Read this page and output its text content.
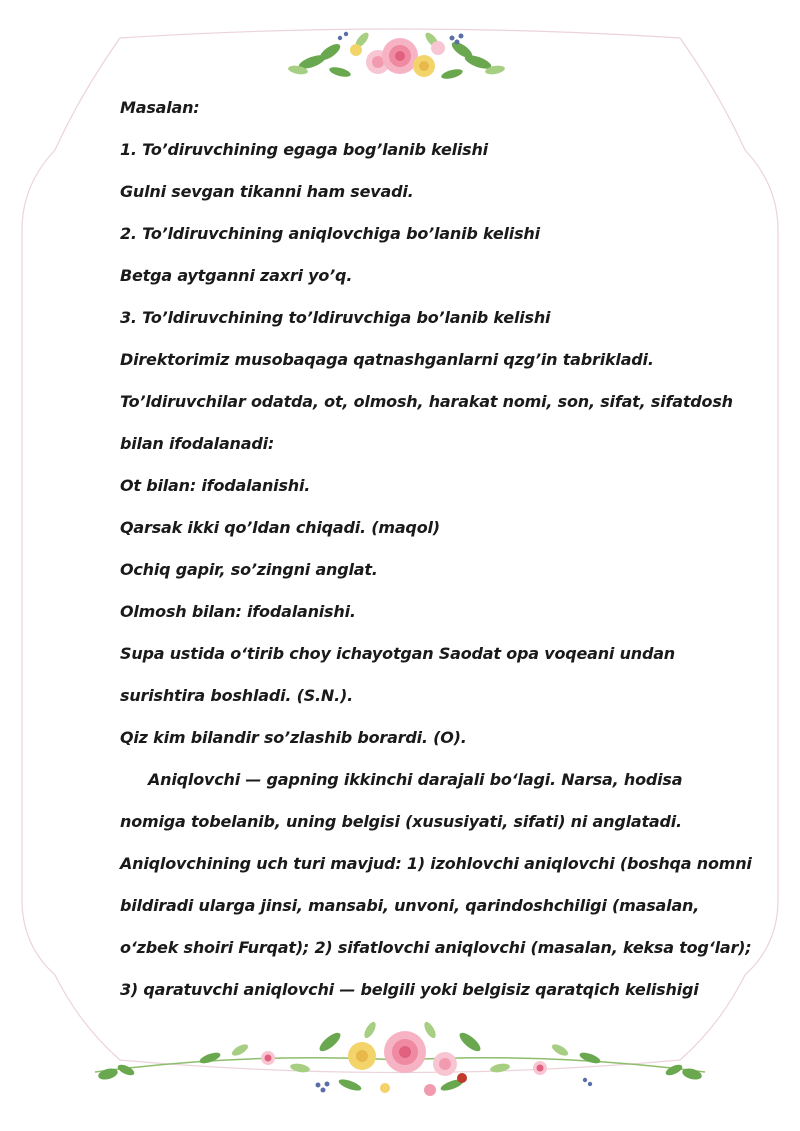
Masalan:
1. To’diruvchining egaga bog’lanib kelishi
Gulni sevgan tikanni ham sevadi.
2. To’ldiruvchining aniqlovchiga bo’lanib kelishi
Betga aytganni zaxri yo’q.
3. To’ldiruvchining to’ldiruvchiga bo’lanib kelishi
Direktorimiz musobaqaga qatnashganlarni qzg’in tabrikladi.
To’ldiruvchilar odatda, ot, olmosh, harakat nomi, son, sifat, sifatdosh
bilan ifodalanadi:
Ot bilan: ifodalanishi.
Qarsak ikki qo’ldan chiqadi. (maqol)
Ochiq gapir, so’zingni anglat.
Olmosh bilan: ifodalanishi.
Supa ustida o‘tirib choy ichayotgan Saodat opa voqeani undan
surishtira boshladi. (S.N.).
Qiz kim bilandir so’zlashib borardi. (O).
Aniqlovchi — gapning ikkinchi darajali bo‘lagi. Narsa, hodisa
nomiga tobelanib, uning belgisi (xususiyati, sifati) ni anglatadi.
Aniqlovchining uch turi mavjud: 1) izohlovchi aniqlovchi (boshqa nomni
bildiradi ularga jinsi, mansabi, unvoni, qarindoshchiligi (masalan,
o‘zbek shoiri Furqat); 2) sifatlovchi aniqlovchi (masalan, keksa tog‘lar);
3) qaratuvchi aniqlovchi — belgili yoki belgisiz qaratqich kelishigi
